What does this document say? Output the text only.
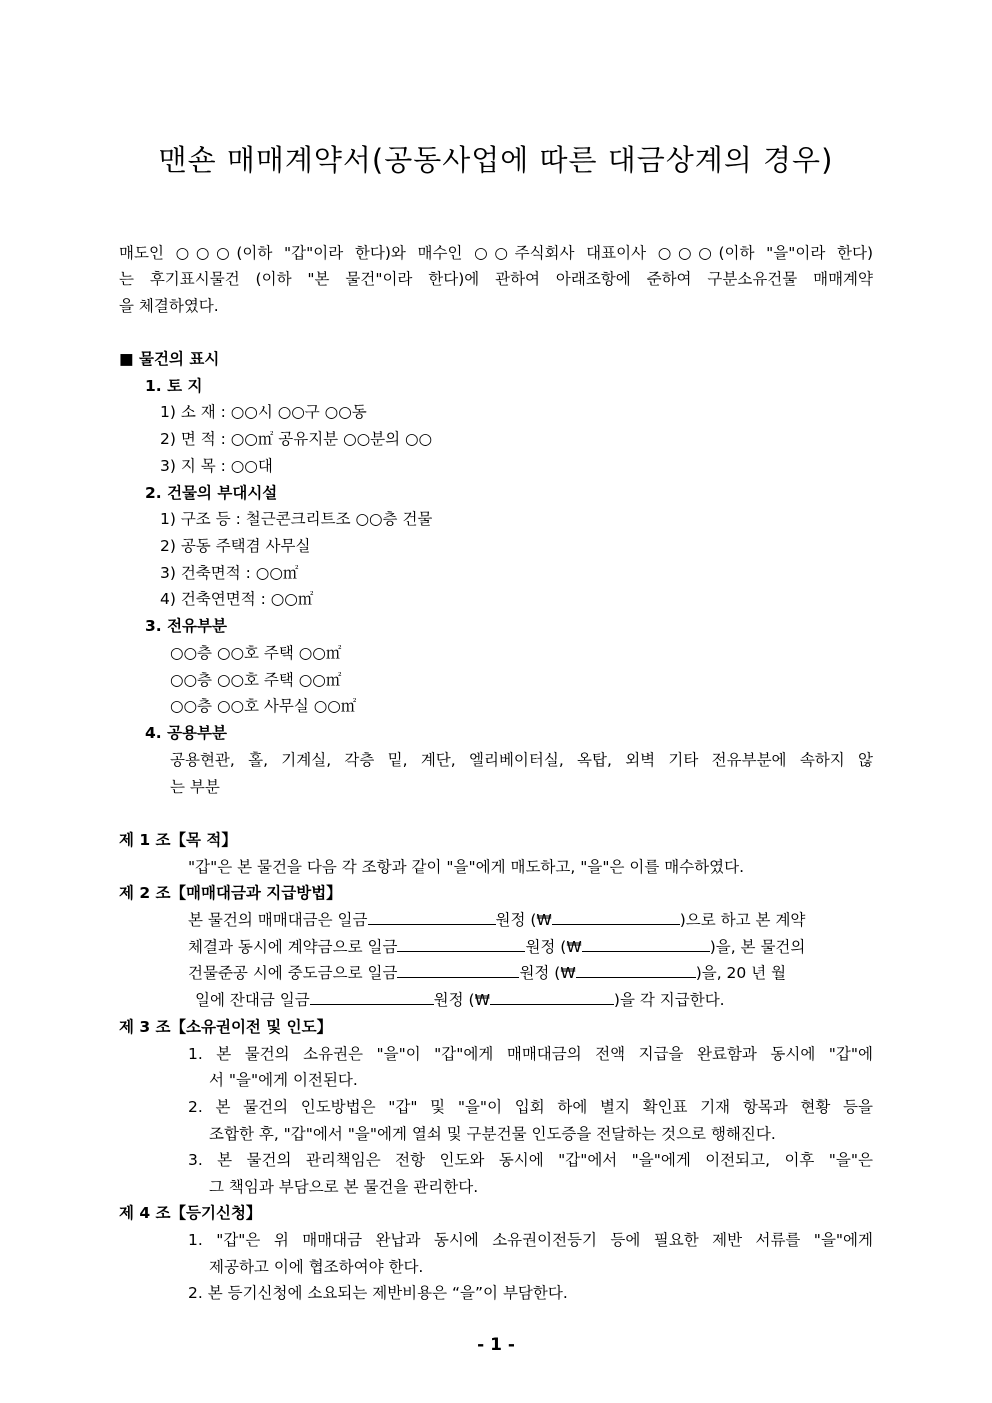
맨숀 매매계약서(공동사업에 따른 대금상계의 경우)
매도인 ○○○(이하 "갑"이라 한다)와 매수인 ○○주식회사 대표이사 ○○○(이하 "을"이라 한다)
는 후기표시물건 (이하 "본 물건"이라 한다)에 관하여 아래조항에 준하여 구분소유건물 매매계약
을 체결하였다.
■ 물건의 표시
1. 토 지
1) 소 재 : ○○시 ○○구 ○○동
2) 면 적 : ○○㎡ 공유지분 ○○분의 ○○
3) 지 목 : ○○대
2. 건물의 부대시설
1) 구조 등 : 철근콘크리트조 ○○층 건물
2) 공동 주택겸 사무실
3) 건축면적 : ○○㎡
4) 건축연면적 : ○○㎡
3. 전유부분
○○층 ○○호 주택 ○○㎡
○○층 ○○호 주택 ○○㎡
○○층 ○○호 사무실 ○○㎡
4. 공용부분
공용현관, 홀, 기계실, 각층 밑, 계단, 엘리베이터실, 옥탑, 외벽 기타 전유부분에 속하지 않
는 부분
제 1 조【목 적】
"갑"은 본 물건을 다음 각 조항과 같이 "을"에게 매도하고, "을"은 이를 매수하였다.
제 2 조【매매대금과 지급방법】
본 물건의 매매대금은 일금	원정 (₩	)으로 하고 본 계약
체결과 동시에 계약금으로 일금	원정 (₩	)을, 본 물건의
건물준공 시에 중도금으로 일금	원정 (₩	)을, 20 년 월
일에 잔대금 일금	원정 (₩	)을 각 지급한다.
제 3 조【소유권이전 및 인도】
1. 본 물건의 소유권은 "을"이 "갑"에게 매매대금의 전액 지급을 완료함과 동시에 "갑"에
서 "을"에게 이전된다.
2. 본 물건의 인도방법은 "갑" 및 "을"이 입회 하에 별지 확인표 기재 항목과 현황 등을
조합한 후, "갑"에서 "을"에게 열쇠 및 구분건물 인도증을 전달하는 것으로 행해진다.
3. 본 물건의 관리책임은 전항 인도와 동시에 "갑"에서 "을"에게 이전되고, 이후 "을"은
그 책임과 부담으로 본 물건을 관리한다.
제 4 조【등기신청】
1. "갑"은 위 매매대금 완납과 동시에 소유권이전등기 등에 필요한 제반 서류를 "을"에게
제공하고 이에 협조하여야 한다.
2. 본 등기신청에 소요되는 제반비용은 “을”이 부담한다.
- 1 -
